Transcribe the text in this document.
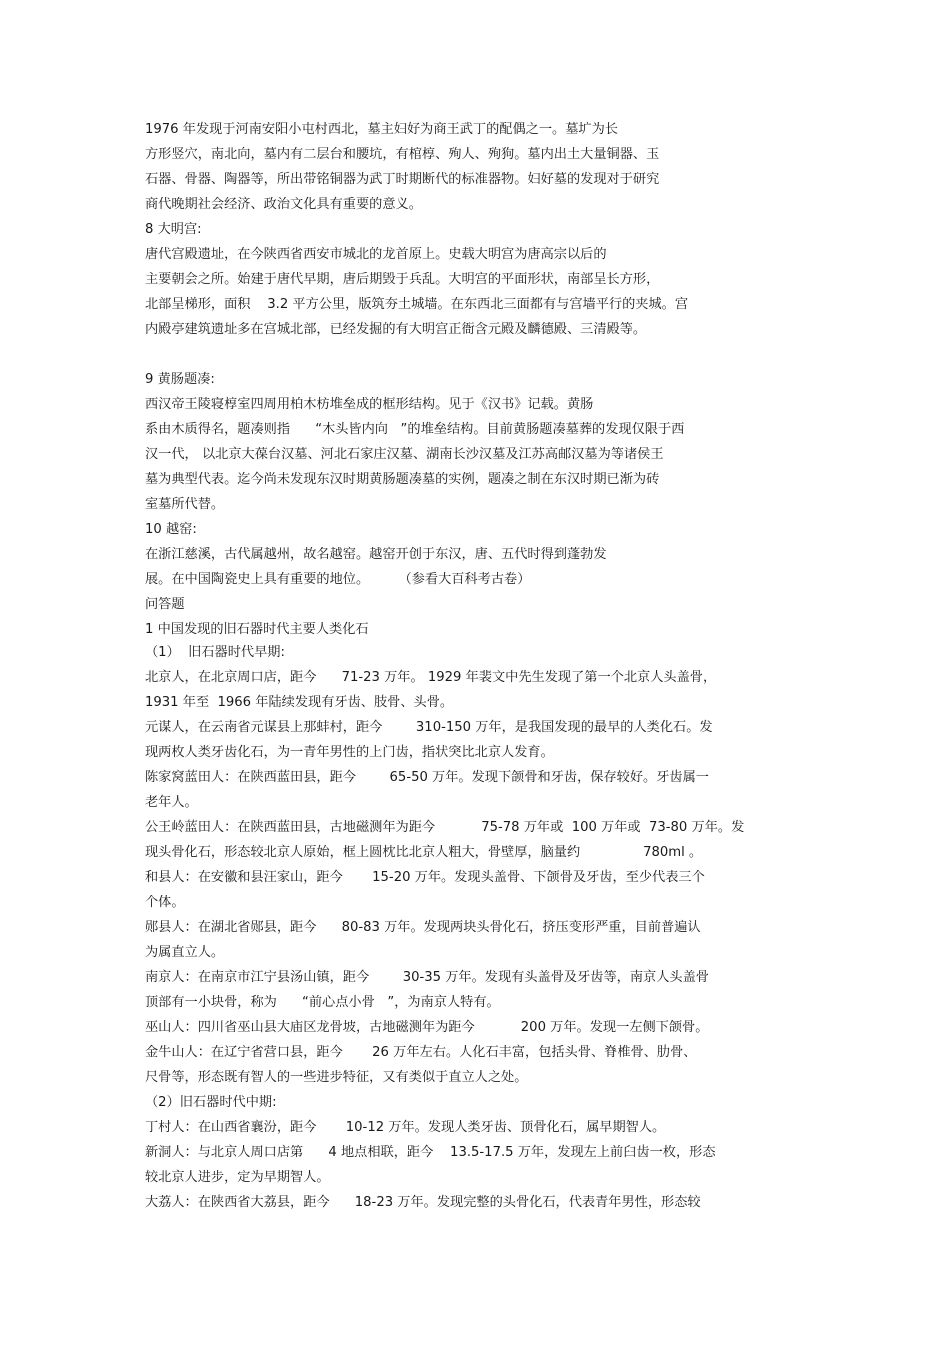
1976 年发现于河南安阳小屯村西北，墓主妇好为商王武丁的配偶之一。墓圹为长
方形竖穴，南北向，墓内有二层台和腰坑，有棺椁、殉人、殉狗。墓内出土大量铜器、玉
石器、骨器、陶器等，所出带铭铜器为武丁时期断代的标准器物。妇好墓的发现对于研究
商代晚期社会经济、政治文化具有重要的意义。
8 大明宫:
唐代宫殿遗址，在今陕西省西安市城北的龙首原上。史载大明宫为唐高宗以后的
主要朝会之所。始建于唐代早期，唐后期毁于兵乱。大明宫的平面形状，南部呈长方形，
北部呈梯形，面积    3.2 平方公里，版筑夯土城墙。在东西北三面都有与宫墙平行的夹城。宫
内殿亭建筑遗址多在宫城北部，已经发掘的有大明宫正衙含元殿及麟德殿、三清殿等。
9 黄肠题凑:
西汉帝王陵寝椁室四周用柏木枋堆垒成的框形结构。见于《汉书》记载。黄肠
系由木质得名，题凑则指      “木头皆内向   ”的堆垒结构。目前黄肠题凑墓葬的发现仅限于西
汉一代， 以北京大葆台汉墓、河北石家庄汉墓、湖南长沙汉墓及江苏高邮汉墓为等诸侯王
墓为典型代表。迄今尚未发现东汉时期黄肠题凑墓的实例，题凑之制在东汉时期已渐为砖
室墓所代替。
10 越窑:
在浙江慈溪，古代属越州，故名越窑。越窑开创于东汉，唐、五代时得到蓬勃发
展。在中国陶瓷史上具有重要的地位。       （参看大百科考古卷）
问答题
1 中国发现的旧石器时代主要人类化石
（1）  旧石器时代早期:
北京人，在北京周口店，距今      71-23 万年。 1929 年裴文中先生发现了第一个北京人头盖骨，
1931 年至  1966 年陆续发现有牙齿、肢骨、头骨。
元谋人，在云南省元谋县上那蚌村，距今        310-150 万年，是我国发现的最早的人类化石。发
现两枚人类牙齿化石，为一青年男性的上门齿，指状突比北京人发育。
陈家窝蓝田人：在陕西蓝田县，距今        65-50 万年。发现下颌骨和牙齿，保存较好。牙齿属一
老年人。
公王岭蓝田人：在陕西蓝田县，古地磁测年为距今           75-78 万年或  100 万年或  73-80 万年。发
现头骨化石，形态较北京人原始，框上圆枕比北京人粗大，骨壁厚，脑量约               780ml 。
和县人：在安徽和县汪家山，距今       15-20 万年。发现头盖骨、下颌骨及牙齿，至少代表三个
个体。
郧县人：在湖北省郧县，距今      80-83 万年。发现两块头骨化石，挤压变形严重，目前普遍认
为属直立人。
南京人：在南京市江宁县汤山镇，距今        30-35 万年。发现有头盖骨及牙齿等，南京人头盖骨
顶部有一小块骨，称为      “前心点小骨   ”，为南京人特有。
巫山人：四川省巫山县大庙区龙骨坡，古地磁测年为距今           200 万年。发现一左侧下颌骨。
金牛山人：在辽宁省营口县，距今       26 万年左右。人化石丰富，包括头骨、脊椎骨、肋骨、
尺骨等，形态既有智人的一些进步特征，又有类似于直立人之处。
（2）旧石器时代中期:
丁村人：在山西省襄汾，距今       10-12 万年。发现人类牙齿、顶骨化石，属早期智人。
新洞人：与北京人周口店第      4 地点相联，距今    13.5-17.5 万年，发现左上前臼齿一枚，形态
较北京人进步，定为早期智人。
大荔人：在陕西省大荔县，距今      18-23 万年。发现完整的头骨化石，代表青年男性，形态较
